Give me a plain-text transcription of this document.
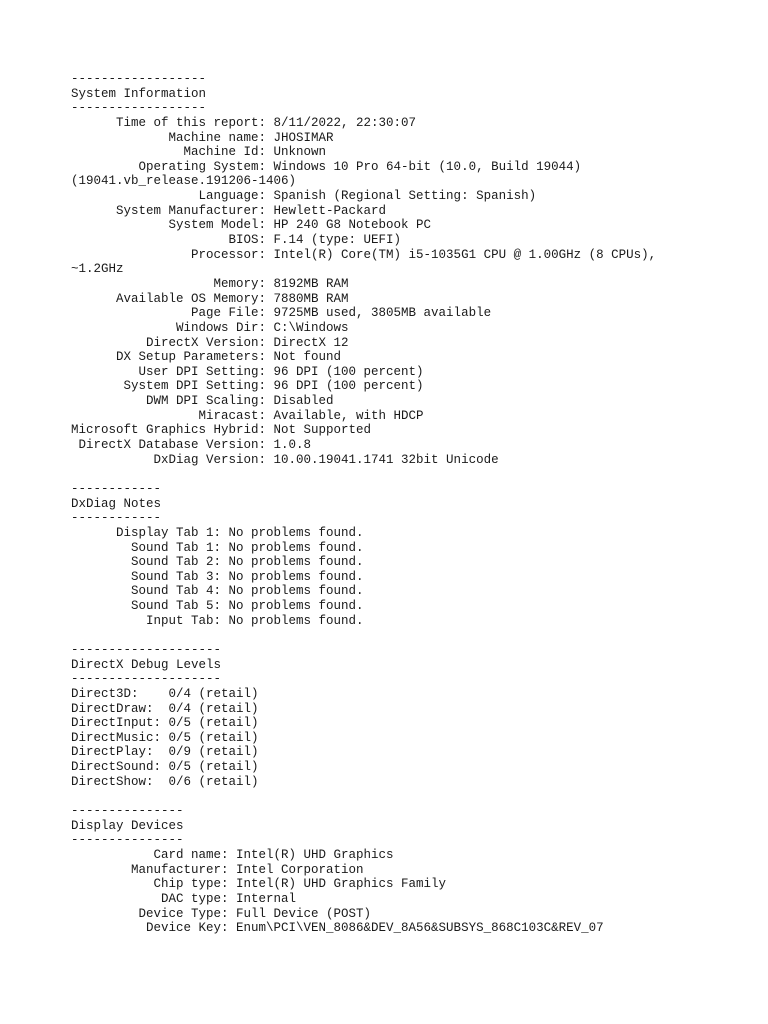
------------------
System Information
------------------
Time of this report: 8/11/2022, 22:30:07
Machine name: JHOSIMAR
Machine Id: Unknown
Operating System: Windows 10 Pro 64-bit (10.0, Build 19044)
(19041.vb_release.191206-1406)
Language: Spanish (Regional Setting: Spanish)
System Manufacturer: Hewlett-Packard
System Model: HP 240 G8 Notebook PC
BIOS: F.14 (type: UEFI)
Processor: Intel(R) Core(TM) i5-1035G1 CPU @ 1.00GHz (8 CPUs),
~1.2GHz
Memory: 8192MB RAM
Available OS Memory: 7880MB RAM
Page File: 9725MB used, 3805MB available
Windows Dir: C:\Windows
DirectX Version: DirectX 12
DX Setup Parameters: Not found
User DPI Setting: 96 DPI (100 percent)
System DPI Setting: 96 DPI (100 percent)
DWM DPI Scaling: Disabled
Miracast: Available, with HDCP
Microsoft Graphics Hybrid: Not Supported
DirectX Database Version: 1.0.8
DxDiag Version: 10.00.19041.1741 32bit Unicode
------------
DxDiag Notes
------------
Display Tab 1: No problems found.
Sound Tab 1: No problems found.
Sound Tab 2: No problems found.
Sound Tab 3: No problems found.
Sound Tab 4: No problems found.
Sound Tab 5: No problems found.
Input Tab: No problems found.
--------------------
DirectX Debug Levels
--------------------
Direct3D:    0/4 (retail)
DirectDraw:  0/4 (retail)
DirectInput: 0/5 (retail)
DirectMusic: 0/5 (retail)
DirectPlay:  0/9 (retail)
DirectSound: 0/5 (retail)
DirectShow:  0/6 (retail)
---------------
Display Devices
---------------
Card name: Intel(R) UHD Graphics
Manufacturer: Intel Corporation
Chip type: Intel(R) UHD Graphics Family
DAC type: Internal
Device Type: Full Device (POST)
Device Key: Enum\PCI\VEN_8086&DEV_8A56&SUBSYS_868C103C&REV_07
